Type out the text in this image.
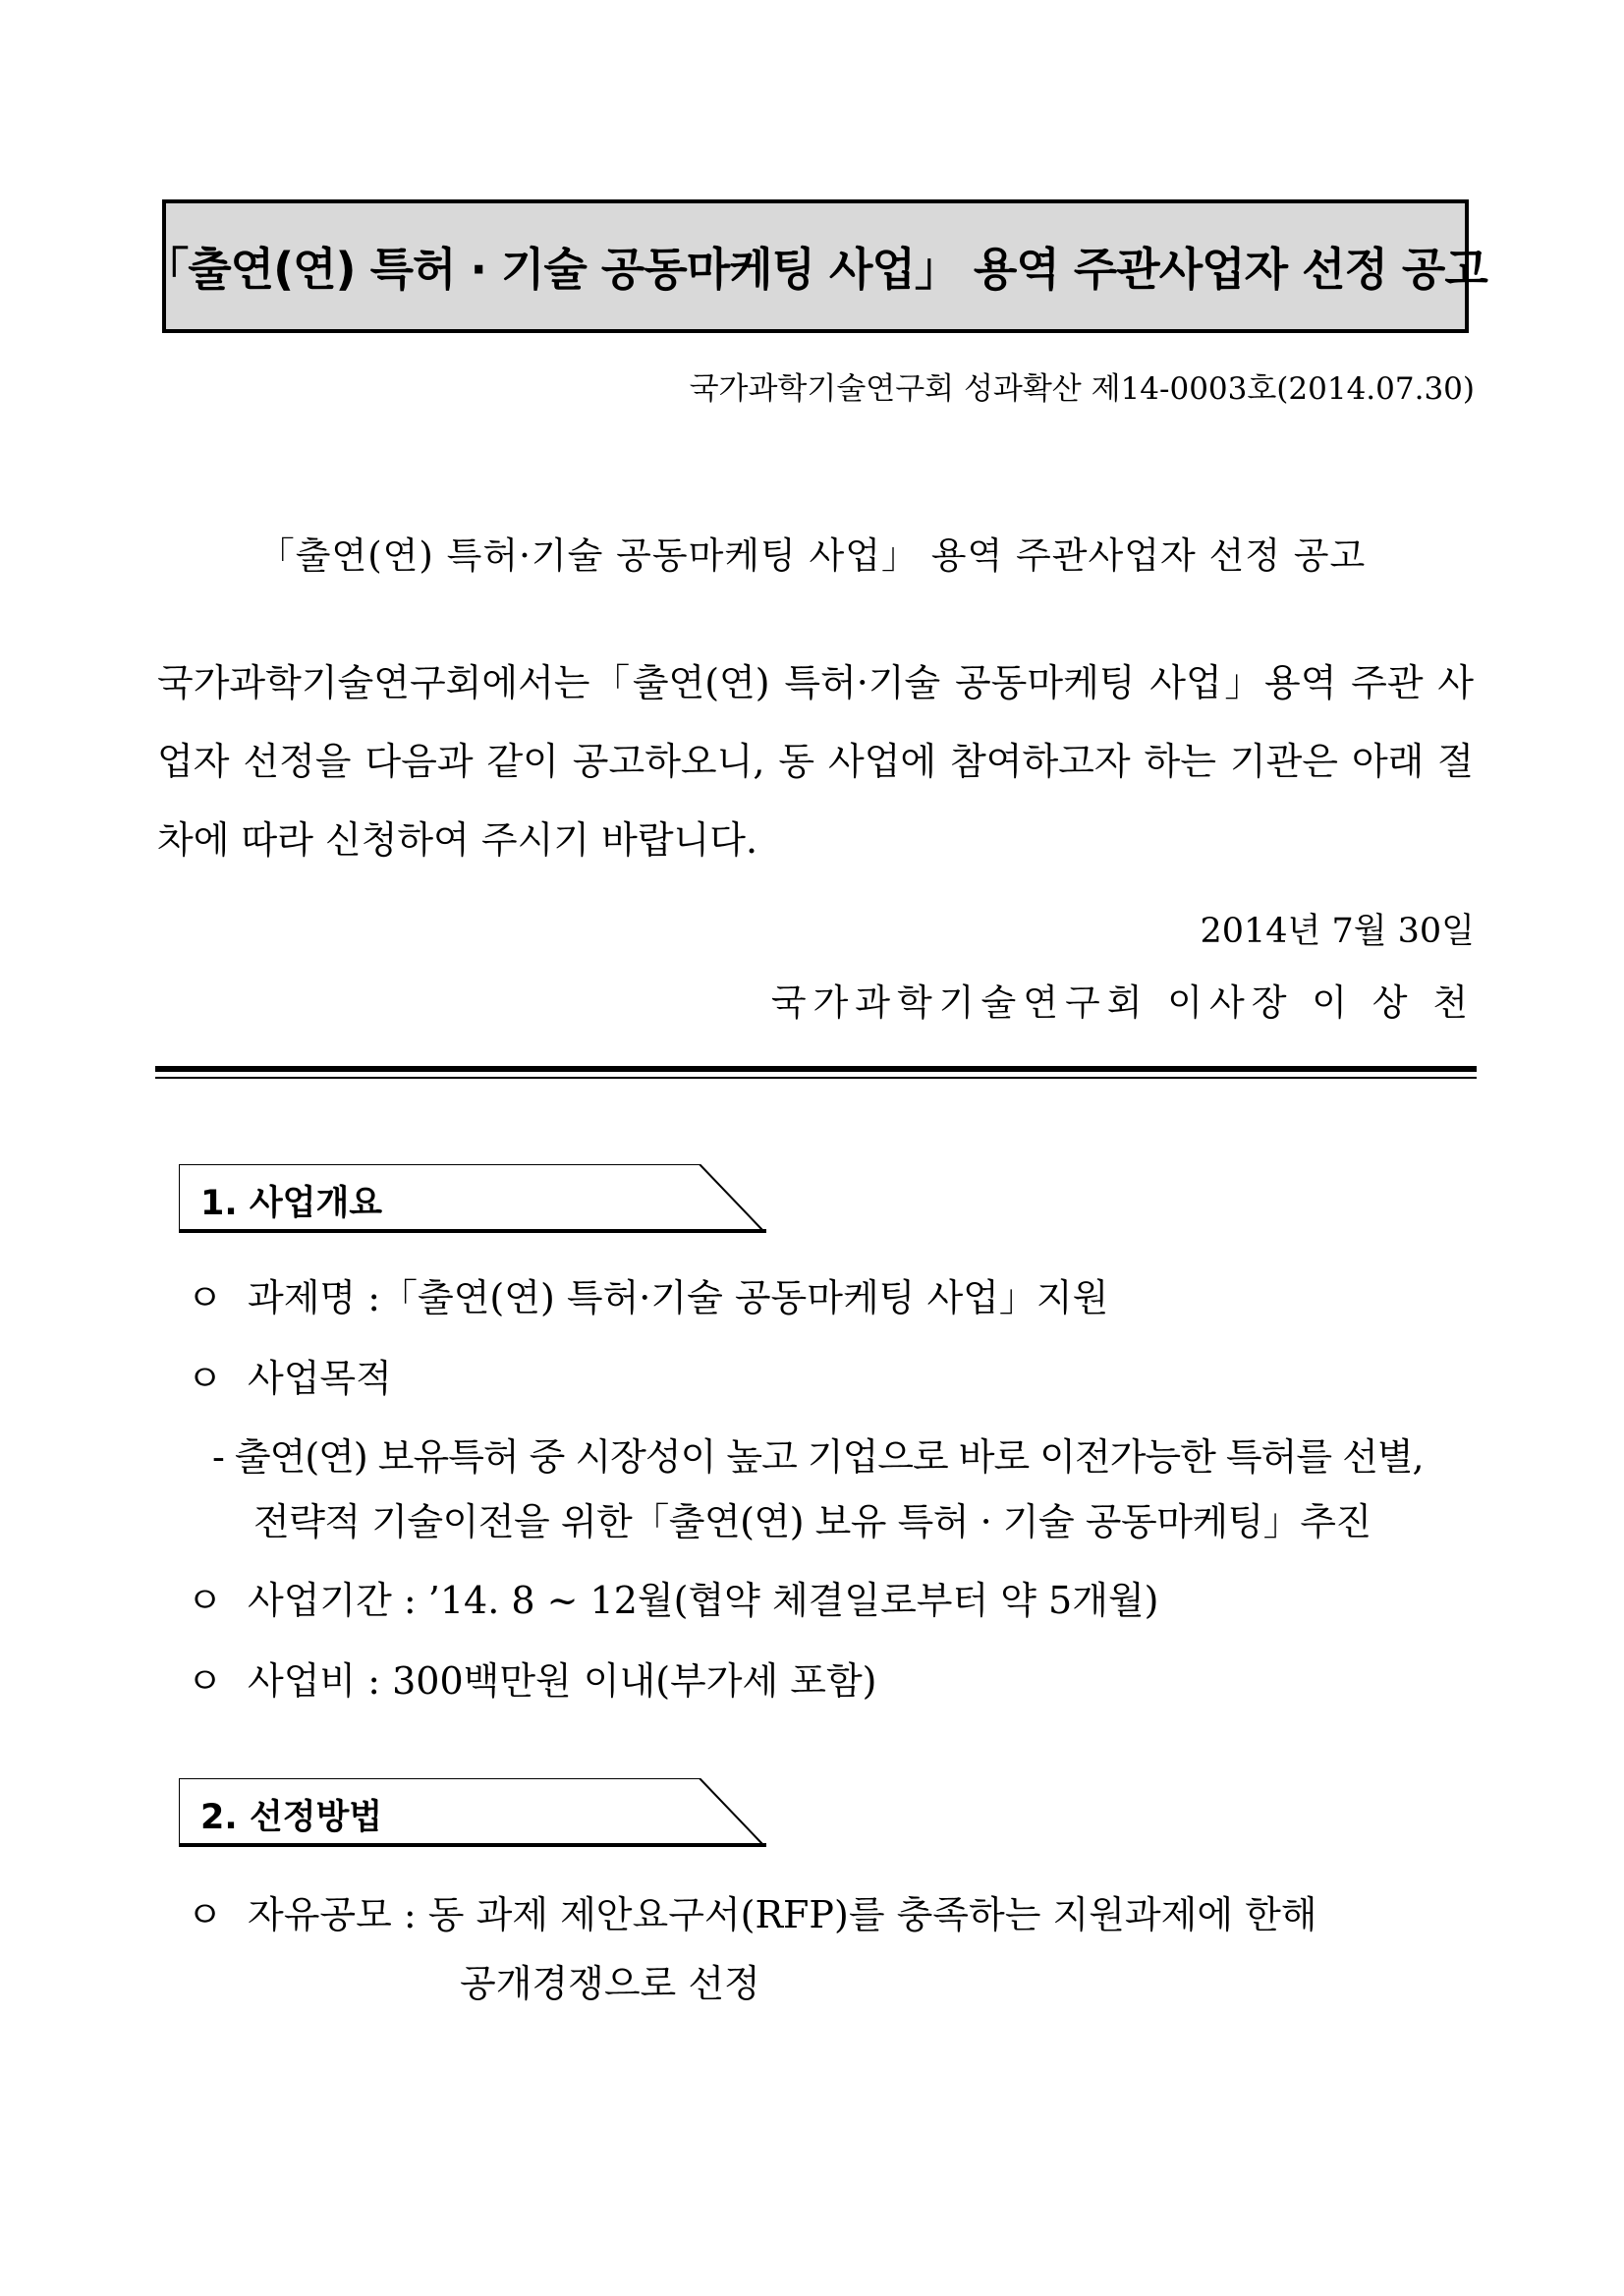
「출연(연) 특허 · 기술 공동마케팅 사업」 용역 주관사업자 선정 공고
국가과학기술연구회 성과확산 제14-0003호(2014.07.30)
「출연(연) 특허·기술 공동마케팅 사업」 용역 주관사업자 선정 공고

국가과학기술연구회에서는「출연(연) 특허·기술 공동마케팅 사업」용역 주관 사업자 선정을 다음과 같이 공고하오니, 동 사업에 참여하고자 하는 기관은 아래 절차에 따라 신청하여 주시기 바랍니다.

2014년 7월 30일
국가과학기술연구회 이사장 이 상 천
1. 사업개요
ㅇ 과제명 :「출연(연) 특허·기술 공동마케팅 사업」지원
ㅇ 사업목적
- 출연(연) 보유특허 중 시장성이 높고 기업으로 바로 이전가능한 특허를 선별,
전략적 기술이전을 위한「출연(연) 보유 특허 · 기술 공동마케팅」추진
ㅇ 사업기간 : ’14. 8 ~ 12월(협약 체결일로부터 약 5개월)
ㅇ 사업비 : 300백만원 이내(부가세 포함)
2. 선정방법
ㅇ 자유공모 : 동 과제 제안요구서(RFP)를 충족하는 지원과제에 한해
공개경쟁으로 선정
